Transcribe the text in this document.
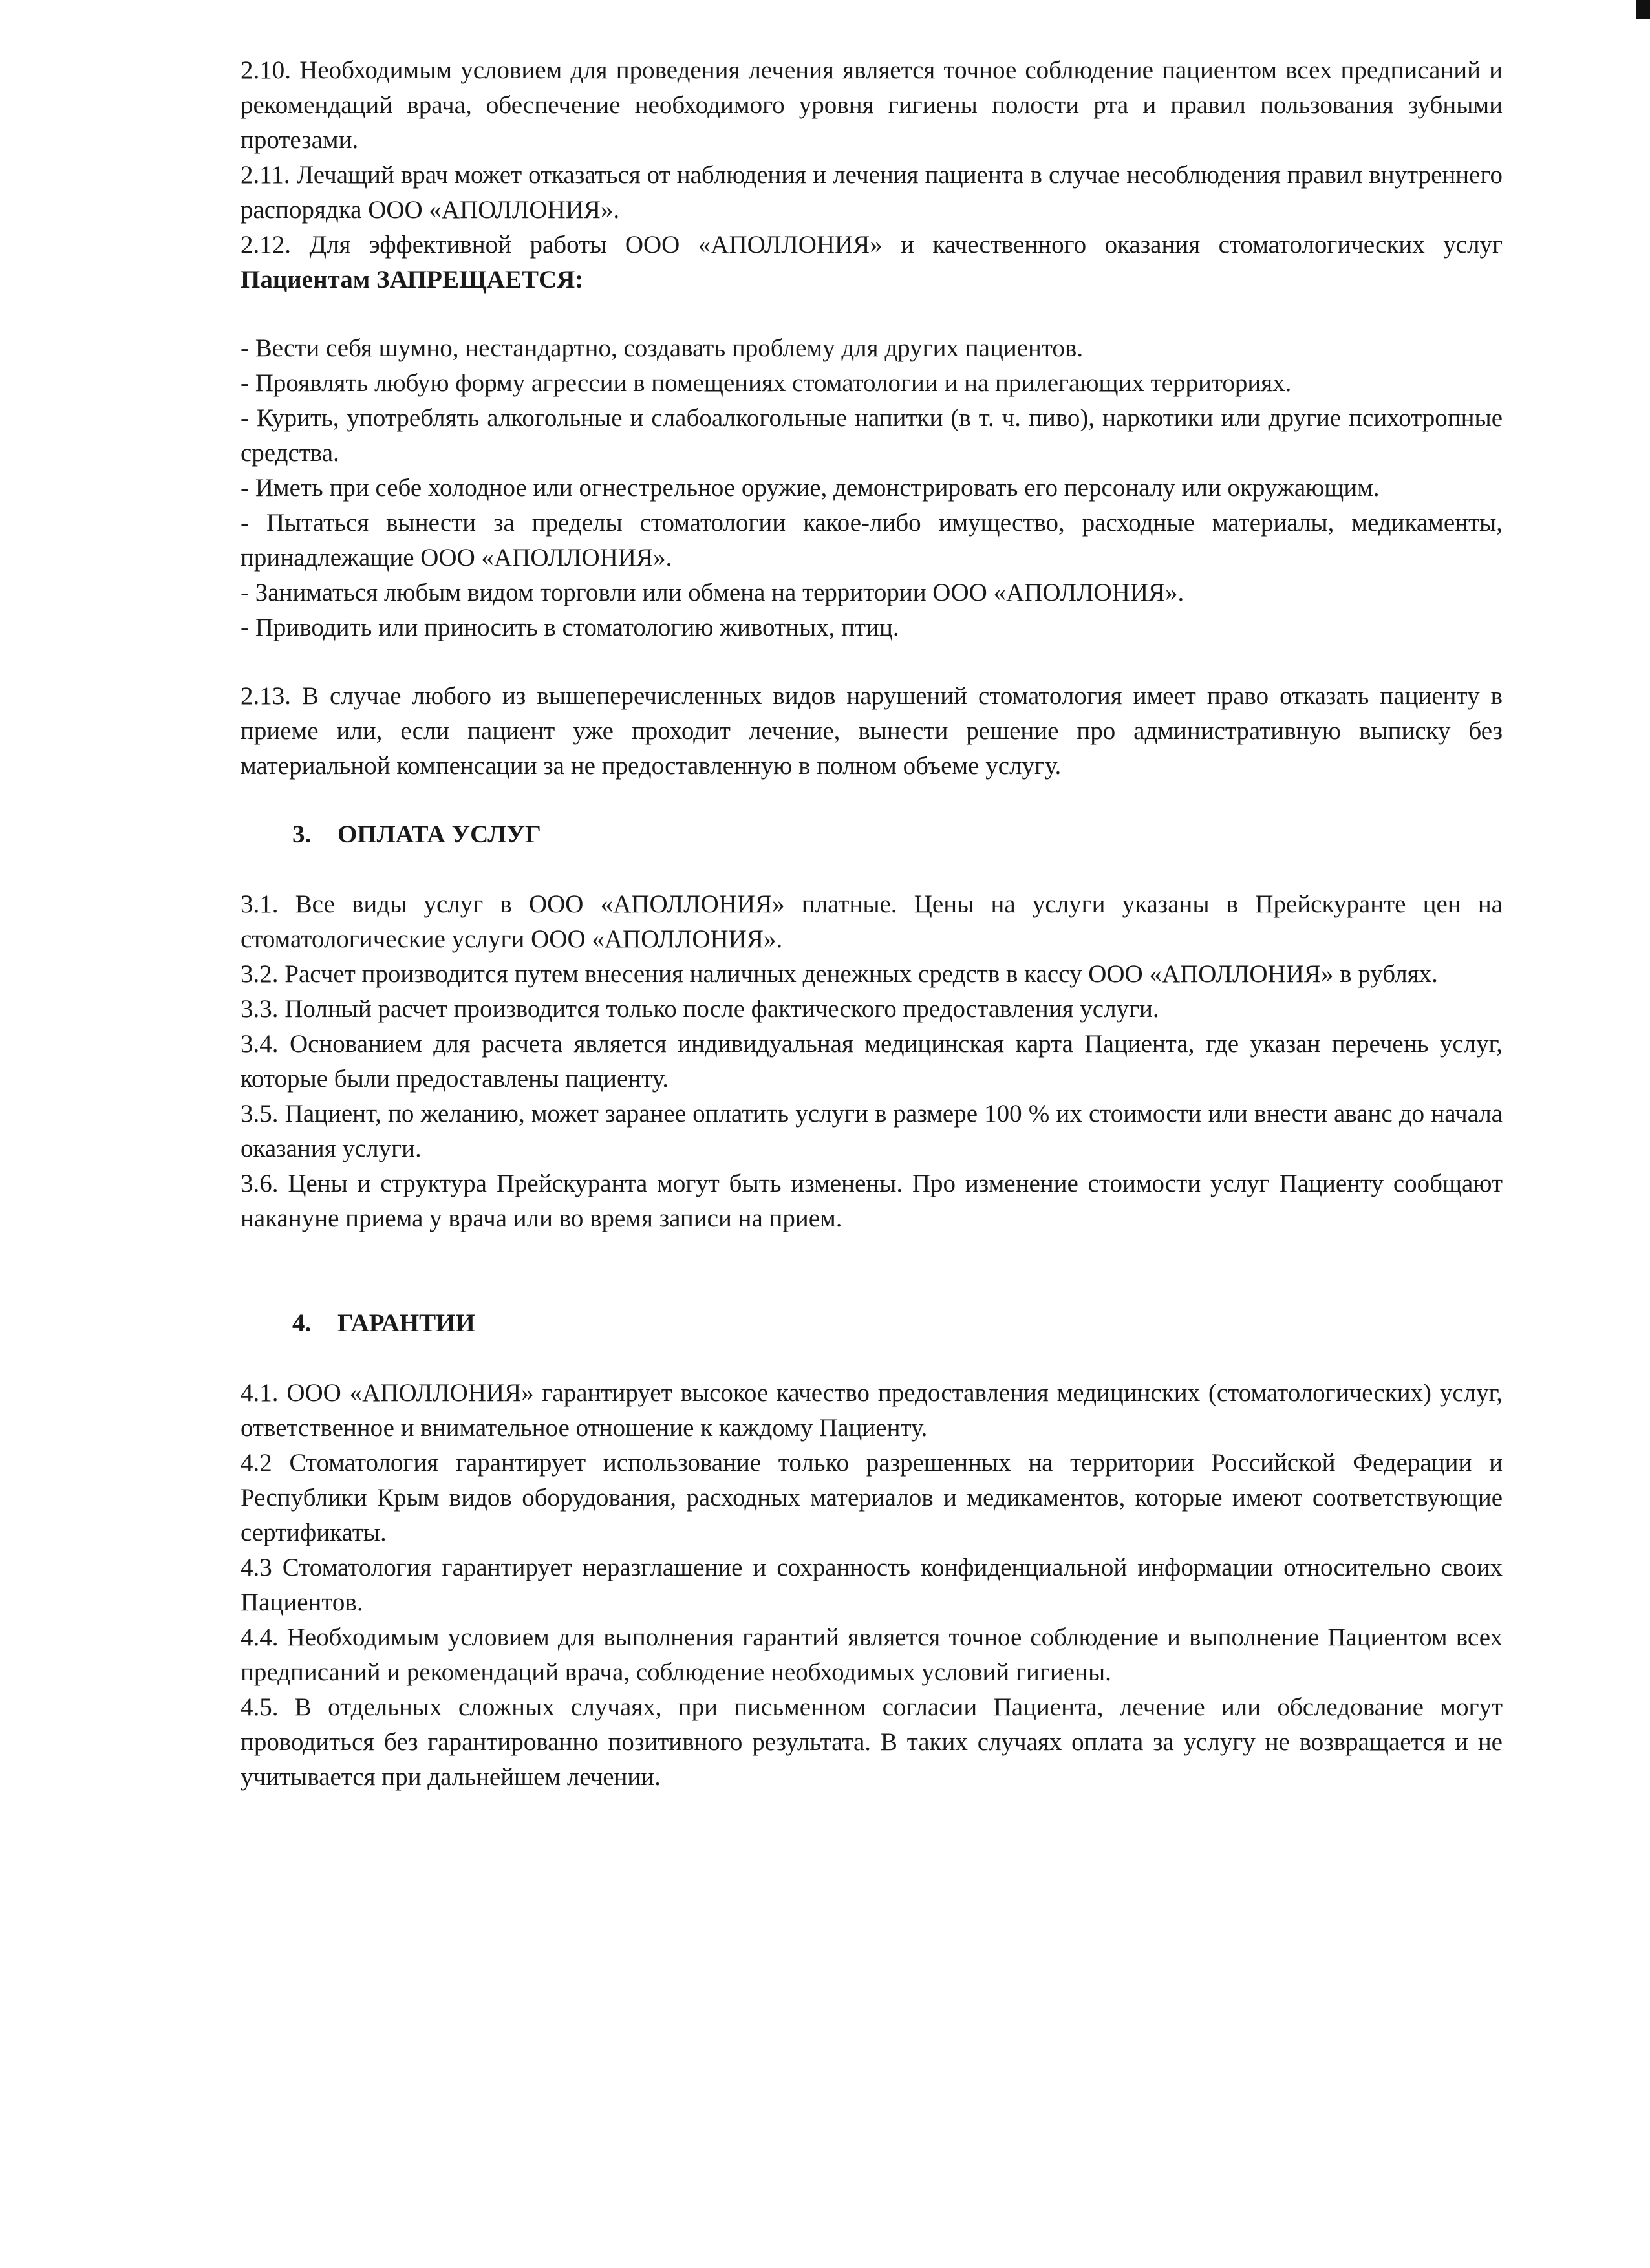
2.10. Необходимым условием для проведения лечения является точное соблюдение пациентом всех предписаний и рекомендаций врача, обеспечение необходимого уровня гигиены полости рта и правил пользования зубными протезами.

2.11. Лечащий врач может отказаться от наблюдения и лечения пациента в случае несоблюдения правил внутреннего распорядка ООО «АПОЛЛОНИЯ».

2.12. Для эффективной работы ООО «АПОЛЛОНИЯ» и качественного оказания стоматологических услуг Пациентам ЗАПРЕЩАЕТСЯ:

- Вести себя шумно, нестандартно, создавать проблему для других пациентов.

- Проявлять любую форму агрессии в помещениях стоматологии и на прилегающих территориях.

- Курить, употреблять алкогольные и слабоалкогольные напитки (в т. ч. пиво), наркотики или другие психотропные средства.

- Иметь при себе холодное или огнестрельное оружие, демонстрировать его персоналу или окружающим.

- Пытаться вынести за пределы стоматологии какое-либо имущество, расходные материалы, медикаменты, принадлежащие ООО «АПОЛЛОНИЯ».

- Заниматься любым видом торговли или обмена на территории ООО «АПОЛЛОНИЯ».

- Приводить или приносить в стоматологию животных, птиц.

2.13. В случае любого из вышеперечисленных видов нарушений стоматология имеет право отказать пациенту в приеме или, если пациент уже проходит лечение, вынести решение про административную выписку без материальной компенсации за не предоставленную в полном объеме услугу.

3. ОПЛАТА УСЛУГ

3.1. Все виды услуг в ООО «АПОЛЛОНИЯ» платные. Цены на услуги указаны в Прейскуранте цен на стоматологические услуги ООО «АПОЛЛОНИЯ».

3.2. Расчет производится путем внесения наличных денежных средств в кассу ООО «АПОЛЛОНИЯ» в рублях.

3.3. Полный расчет производится только после фактического предоставления услуги.

3.4. Основанием для расчета является индивидуальная медицинская карта Пациента, где указан перечень услуг, которые были предоставлены пациенту.

3.5. Пациент, по желанию, может заранее оплатить услуги в размере 100 % их стоимости или внести аванс до начала оказания услуги.

3.6. Цены и структура Прейскуранта могут быть изменены. Про изменение стоимости услуг Пациенту сообщают накануне приема у врача или во время записи на прием.

4. ГАРАНТИИ

4.1. ООО «АПОЛЛОНИЯ» гарантирует высокое качество предоставления медицинских (стоматологических) услуг, ответственное и внимательное отношение к каждому Пациенту.

4.2 Стоматология гарантирует использование только разрешенных на территории Российской Федерации и Республики Крым видов оборудования, расходных материалов и медикаментов, которые имеют соответствующие сертификаты.

4.3 Стоматология гарантирует неразглашение и сохранность конфиденциальной информации относительно своих Пациентов.

4.4. Необходимым условием для выполнения гарантий является точное соблюдение и выполнение Пациентом всех предписаний и рекомендаций врача, соблюдение необходимых условий гигиены.

4.5. В отдельных сложных случаях, при письменном согласии Пациента, лечение или обследование могут проводиться без гарантированно позитивного результата. В таких случаях оплата за услугу не возвращается и не учитывается при дальнейшем лечении.
